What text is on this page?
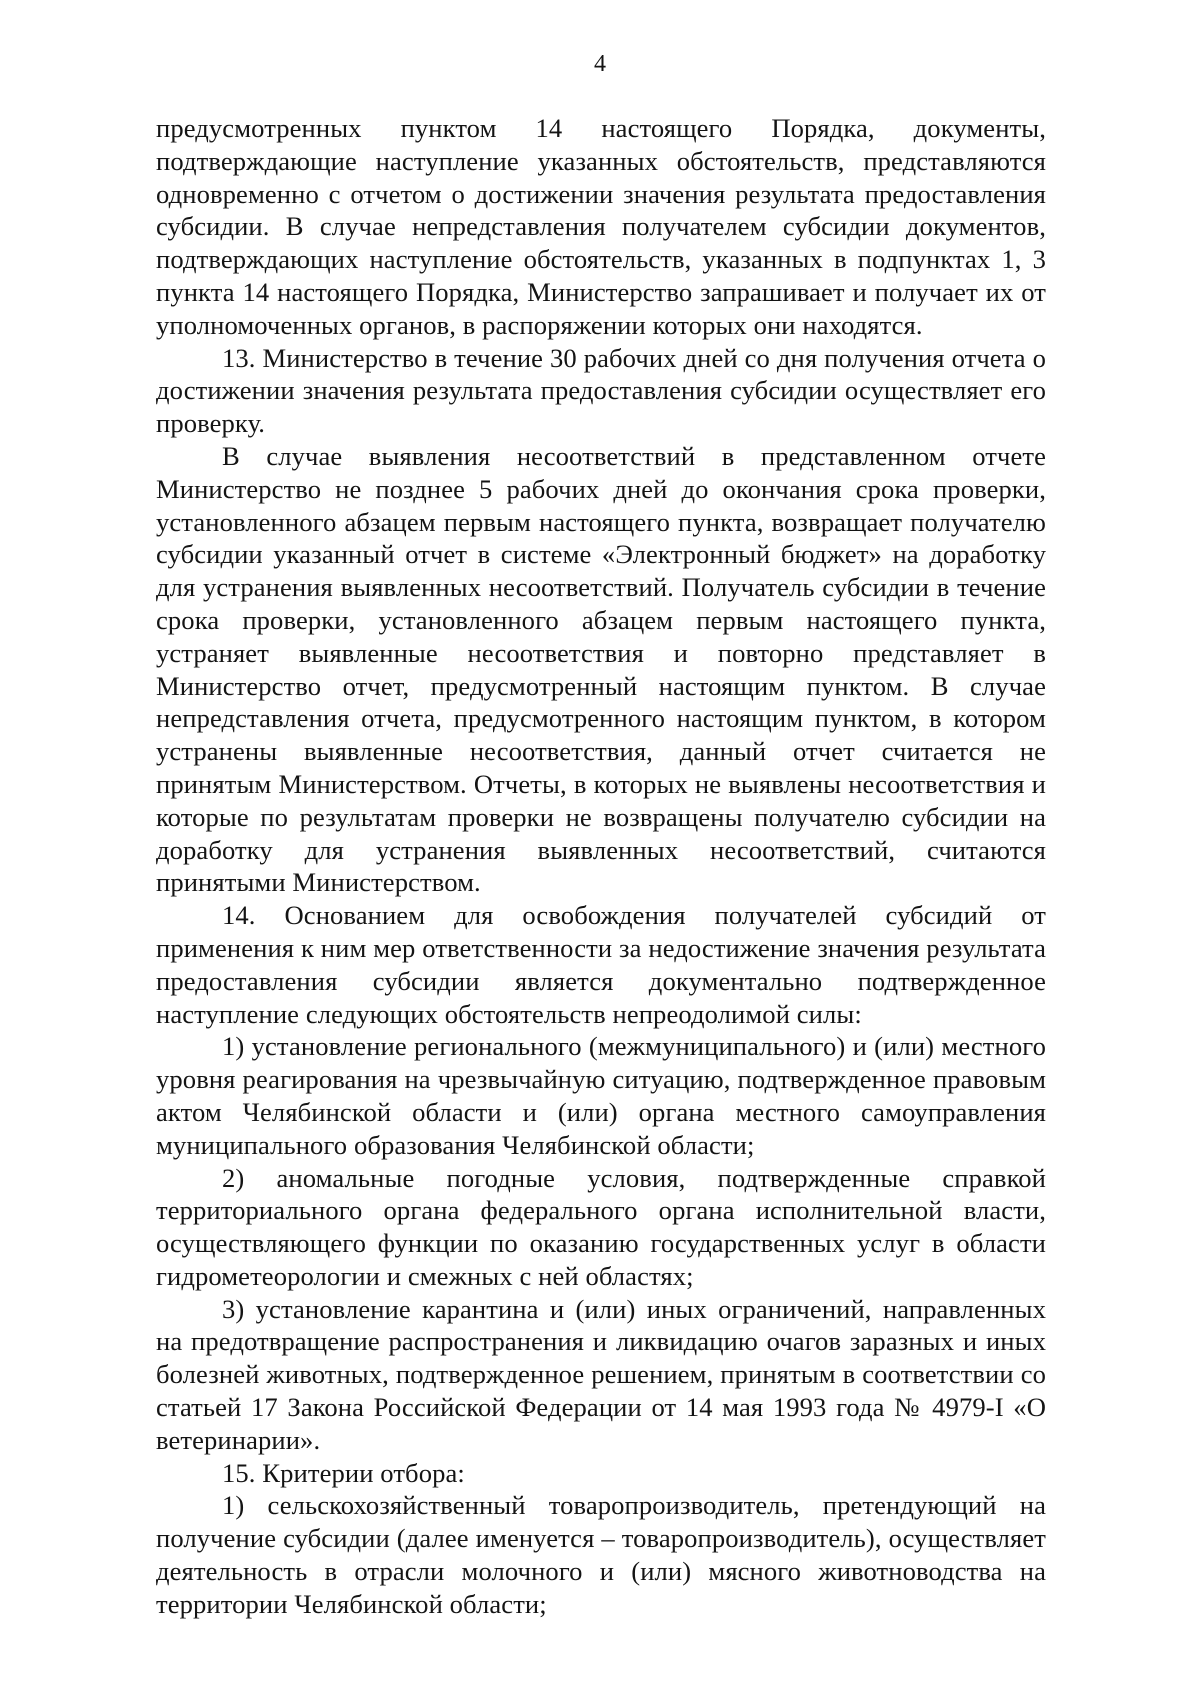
4

предусмотренных пунктом 14 настоящего Порядка, документы, подтверждающие наступление указанных обстоятельств, представляются одновременно с отчетом о достижении значения результата предоставления субсидии. В случае непредставления получателем субсидии документов, подтверждающих наступление обстоятельств, указанных в подпунктах 1, 3 пункта 14 настоящего Порядка, Министерство запрашивает и получает их от уполномоченных органов, в распоряжении которых они находятся.

13. Министерство в течение 30 рабочих дней со дня получения отчета о достижении значения результата предоставления субсидии осуществляет его проверку.

В случае выявления несоответствий в представленном отчете Министерство не позднее 5 рабочих дней до окончания срока проверки, установленного абзацем первым настоящего пункта, возвращает получателю субсидии указанный отчет в системе «Электронный бюджет» на доработку для устранения выявленных несоответствий. Получатель субсидии в течение срока проверки, установленного абзацем первым настоящего пункта, устраняет выявленные несоответствия и повторно представляет в Министерство отчет, предусмотренный настоящим пунктом. В случае непредставления отчета, предусмотренного настоящим пунктом, в котором устранены выявленные несоответствия, данный отчет считается не принятым Министерством. Отчеты, в которых не выявлены несоответствия и которые по результатам проверки не возвращены получателю субсидии на доработку для устранения выявленных несоответствий, считаются принятыми Министерством.

14. Основанием для освобождения получателей субсидий от применения к ним мер ответственности за недостижение значения результата предоставления субсидии является документально подтвержденное наступление следующих обстоятельств непреодолимой силы:

1) установление регионального (межмуниципального) и (или) местного уровня реагирования на чрезвычайную ситуацию, подтвержденное правовым актом Челябинской области и (или) органа местного самоуправления муниципального образования Челябинской области;

2) аномальные погодные условия, подтвержденные справкой территориального органа федерального органа исполнительной власти, осуществляющего функции по оказанию государственных услуг в области гидрометеорологии и смежных с ней областях;

3) установление карантина и (или) иных ограничений, направленных на предотвращение распространения и ликвидацию очагов заразных и иных болезней животных, подтвержденное решением, принятым в соответствии со статьей 17 Закона Российской Федерации от 14 мая 1993 года № 4979-I «О ветеринарии».

15. Критерии отбора:

1) сельскохозяйственный товаропроизводитель, претендующий на получение субсидии (далее именуется – товаропроизводитель), осуществляет деятельность в отрасли молочного и (или) мясного животноводства на территории Челябинской области;
